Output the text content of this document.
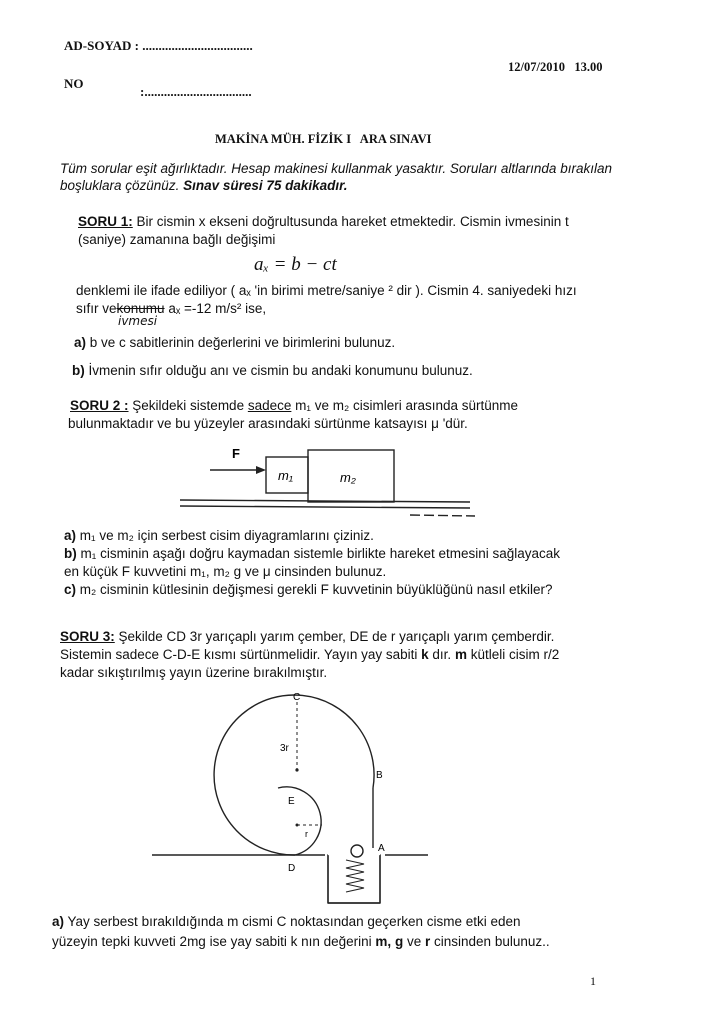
AD-SOYAD : ..................................
12/07/2010 13.00
NO
:.................................
MAKİNA MÜH. FİZİK I   ARA SINAVI
Tüm sorular eşit ağırlıktadır. Hesap makinesi kullanmak yasaktır. Soruları altlarında bırakılan
boşluklara çözünüz. Sınav süresi 75 dakikadır.
SORU 1: Bir cismin x ekseni doğrultusunda hareket etmektedir. Cismin ivmesinin t
(saniye) zamanına bağlı değişimi
aₓ = b − ct
denklemi ile ifade ediliyor ( aₓ 'in birimi metre/saniye ² dir ). Cismin 4. saniyedeki hızı
sıfır vekonumu aₓ =-12 m/s² ise,
ivmesi
a) b ve c sabitlerinin değerlerini ve birimlerini bulunuz.
b) İvmenin sıfır olduğu anı ve cismin bu andaki konumunu bulunuz.
SORU 2 : Şekildeki sistemde sadece m₁ ve m₂ cisimleri arasında sürtünme
bulunmaktadır ve bu yüzeyler arasındaki sürtünme katsayısı μ 'dür.
F
m₁	m₂
a) m₁ ve m₂ için serbest cisim diyagramlarını çiziniz.
b) m₁ cisminin aşağı doğru kaymadan sistemle birlikte hareket etmesini sağlayacak
en küçük F kuvvetini m₁, m₂ g ve μ cinsinden bulunuz.
c) m₂ cisminin kütlesinin değişmesi gerekli F kuvvetinin büyüklüğünü nasıl etkiler?
SORU 3: Şekilde CD 3r yarıçaplı yarım çember, DE de r yarıçaplı yarım çemberdir.
Sistemin sadece C-D-E kısmı sürtünmelidir. Yayın yay sabiti k dır. m kütleli cisim r/2
kadar sıkıştırılmış yayın üzerine bırakılmıştır.
C
3r
B
E
r
A
D
a) Yay serbest bırakıldığında m cismi C noktasından geçerken cisme etki eden
yüzeyin tepki kuvveti 2mg ise yay sabiti k nın değerini m, g ve r cinsinden bulunuz..
1
